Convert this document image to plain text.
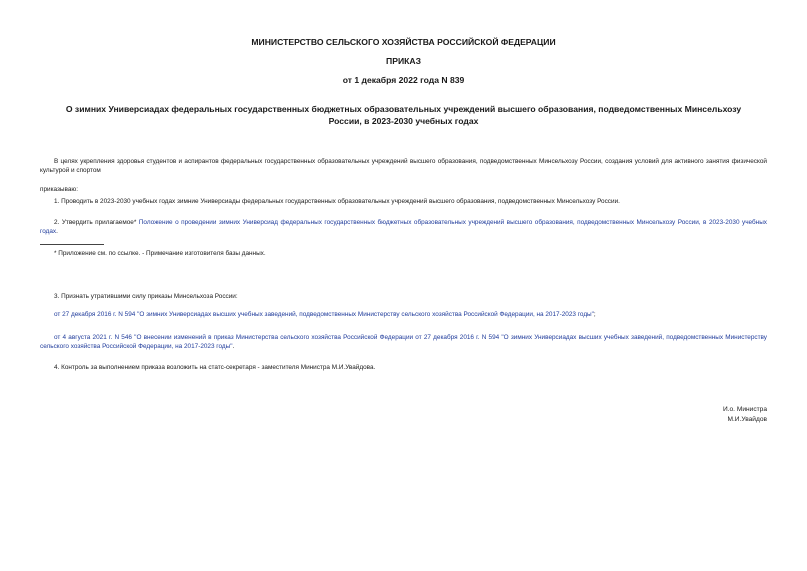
МИНИСТЕРСТВО СЕЛЬСКОГО ХОЗЯЙСТВА РОССИЙСКОЙ ФЕДЕРАЦИИ
ПРИКАЗ
от 1 декабря 2022 года N 839
О зимних Универсиадах федеральных государственных бюджетных образовательных учреждений высшего образования, подведомственных Минсельхозу России, в 2023-2030 учебных годах
В целях укрепления здоровья студентов и аспирантов федеральных государственных образовательных учреждений высшего образования, подведомственных Минсельхозу России, создания условий для активного занятия физической культурой и спортом
приказываю:
1. Проводить в 2023-2030 учебных годах зимние Универсиады федеральных государственных образовательных учреждений высшего образования, подведомственных Минсельхозу России.
2. Утвердить прилагаемое* Положение о проведении зимних Универсиад федеральных государственных бюджетных образовательных учреждений высшего образования, подведомственных Минсельхозу России, в 2023-2030 учебных годах.
* Приложение см. по ссылке. - Примечание изготовителя базы данных.
3. Признать утратившими силу приказы Минсельхоза России:
от 27 декабря 2016 г. N 594 "О зимних Универсиадах высших учебных заведений, подведомственных Министерству сельского хозяйства Российской Федерации, на 2017-2023 годы";
от 4 августа 2021 г. N 546 "О внесении изменений в приказ Министерства сельского хозяйства Российской Федерации от 27 декабря 2016 г. N 594 "О зимних Универсиадах высших учебных заведений, подведомственных Министерству сельского хозяйства Российской Федерации, на 2017-2023 годы".
4. Контроль за выполнением приказа возложить на статс-секретаря - заместителя Министра М.И.Увайдова.
И.о. Министра
М.И.Увайдов
